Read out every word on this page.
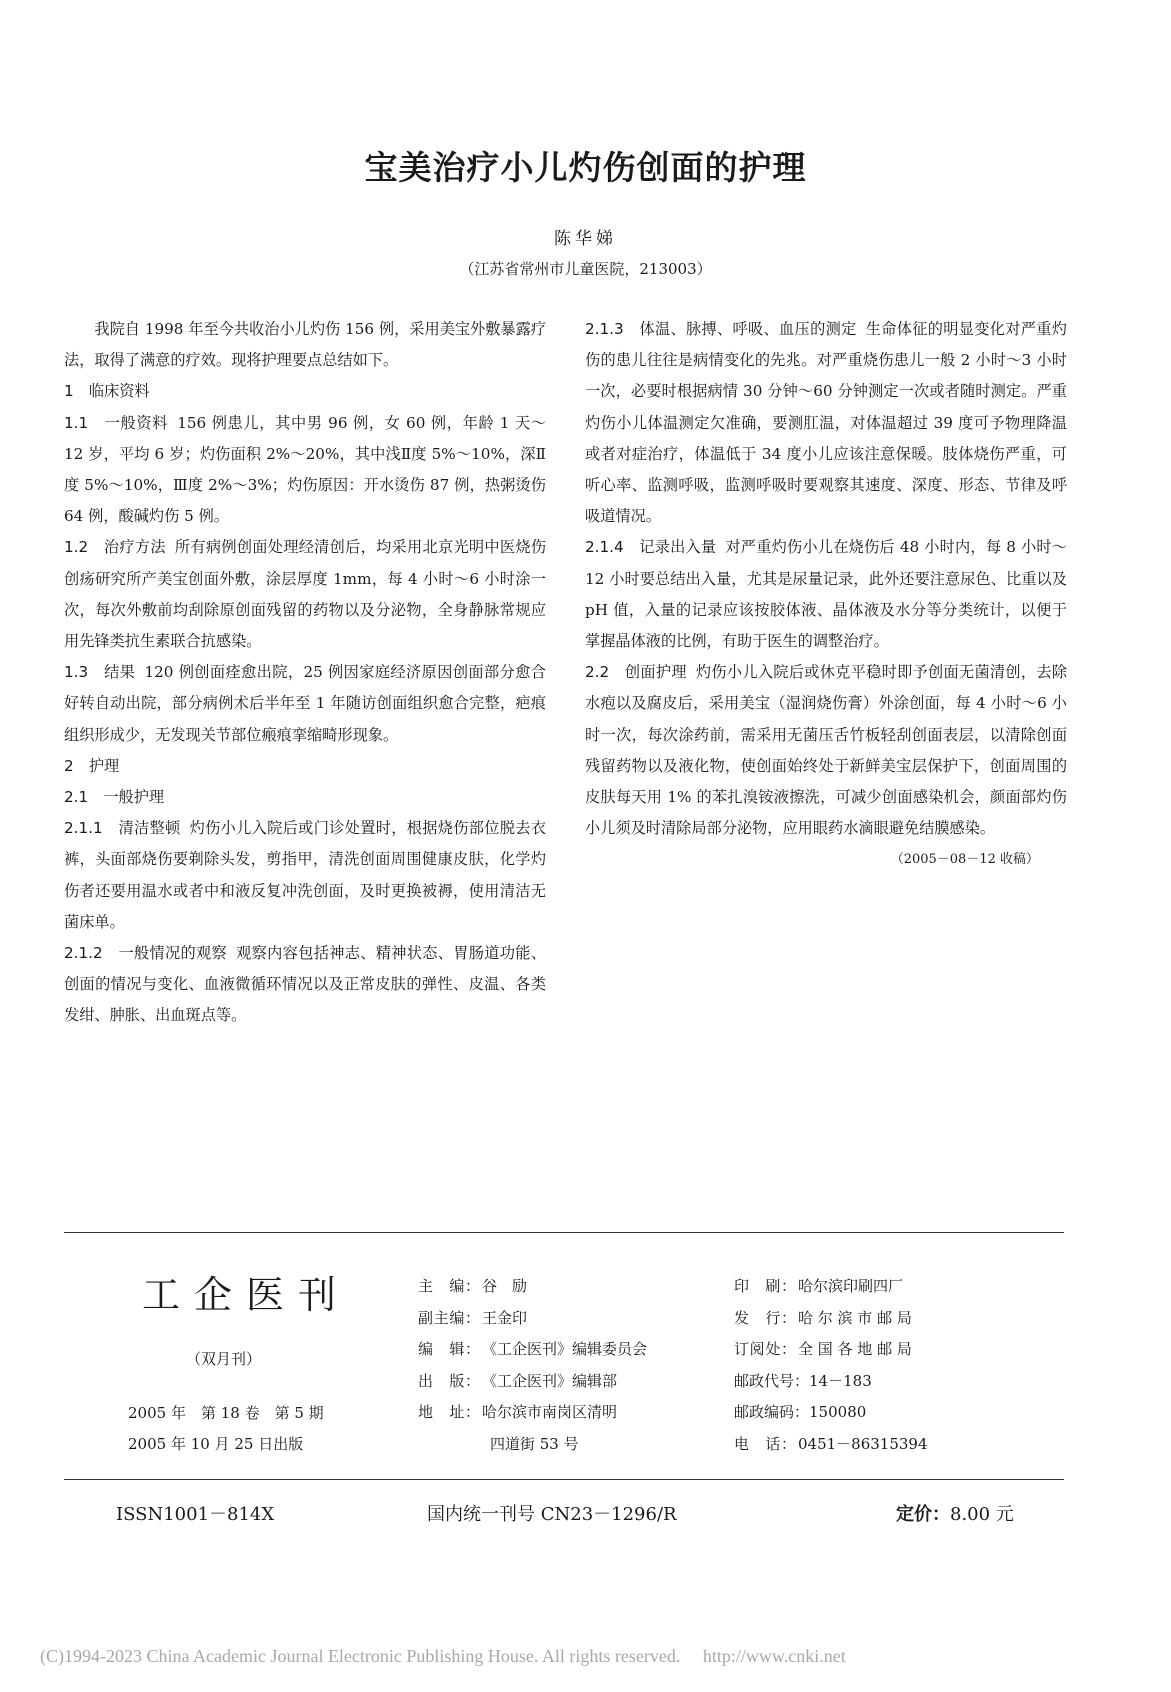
宝美治疗小儿灼伤创面的护理
陈华娣
（江苏省常州市儿童医院，213003）

我院自 1998 年至今共收治小儿灼伤 156 例，采用美宝外敷暴露疗法，取得了满意的疗效。现将护理要点总结如下。

1　临床资料

1.1　一般资料 156 例患儿，其中男 96 例，女 60 例，年龄 1 天～12 岁，平均 6 岁；灼伤面积 2%～20%，其中浅Ⅱ度 5%～10%，深Ⅱ度 5%～10%，Ⅲ度 2%～3%；灼伤原因：开水烫伤 87 例，热粥烫伤 64 例，酸碱灼伤 5 例。

1.2　治疗方法 所有病例创面处理经清创后，均采用北京光明中医烧伤创疡研究所产美宝创面外敷，涂层厚度 1mm，每 4 小时～6 小时涂一次，每次外敷前均刮除原创面残留的药物以及分泌物，全身静脉常规应用先锋类抗生素联合抗感染。

1.3　结果 120 例创面痊愈出院，25 例因家庭经济原因创面部分愈合好转自动出院，部分病例术后半年至 1 年随访创面组织愈合完整，疤痕组织形成少，无发现关节部位瘢痕挛缩畸形现象。

2　护理

2.1　一般护理

2.1.1　清洁整顿 灼伤小儿入院后或门诊处置时，根据烧伤部位脱去衣裤，头面部烧伤要剃除头发，剪指甲，清洗创面周围健康皮肤，化学灼伤者还要用温水或者中和液反复冲洗创面，及时更换被褥，使用清洁无菌床单。

2.1.2　一般情况的观察 观察内容包括神志、精神状态、胃肠道功能、创面的情况与变化、血液微循环情况以及正常皮肤的弹性、皮温、各类发绀、肿胀、出血斑点等。

2.1.3　体温、脉搏、呼吸、血压的测定 生命体征的明显变化对严重灼伤的患儿往往是病情变化的先兆。对严重烧伤患儿一般 2 小时～3 小时一次，必要时根据病情 30 分钟～60 分钟测定一次或者随时测定。严重灼伤小儿体温测定欠准确，要测肛温，对体温超过 39 度可予物理降温或者对症治疗，体温低于 34 度小儿应该注意保暖。肢体烧伤严重，可听心率、监测呼吸，监测呼吸时要观察其速度、深度、形态、节律及呼吸道情况。

2.1.4　记录出入量 对严重灼伤小儿在烧伤后 48 小时内，每 8 小时～12 小时要总结出入量，尤其是尿量记录，此外还要注意尿色、比重以及 pH 值，入量的记录应该按胶体液、晶体液及水分等分类统计，以便于掌握晶体液的比例，有助于医生的调整治疗。

2.2　创面护理 灼伤小儿入院后或休克平稳时即予创面无菌清创，去除水疱以及腐皮后，采用美宝（湿润烧伤膏）外涂创面，每 4 小时～6 小时一次，每次涂药前，需采用无菌压舌竹板轻刮创面表层，以清除创面残留药物以及液化物，使创面始终处于新鲜美宝层保护下，创面周围的皮肤每天用 1% 的苯扎溴铵液擦洗，可减少创面感染机会，颜面部灼伤小儿须及时清除局部分泌物，应用眼药水滴眼避免结膜感染。

（2005－08－12 收稿）

工企医刊
（双月刊）
2005 年　第 18 卷　第 5 期
2005 年 10 月 25 日出版
主　编： 谷　励
副主编： 王金印
编　辑： 《工企医刊》编辑委员会
出　版： 《工企医刊》编辑部
地　址： 哈尔滨市南岗区清明
四道街 53 号
印　刷： 哈尔滨印刷四厂
发　行： 哈 尔 滨 市 邮 局
订阅处： 全 国 各 地 邮 局
邮政代号：14－183
邮政编码：150080
电　话： 0451－86315394
ISSN1001－814X	国内统一刊号 CN23－1296/R	定价：8.00 元
(C)1994-2023 China Academic Journal Electronic Publishing House. All rights reserved.　 http://www.cnki.net
